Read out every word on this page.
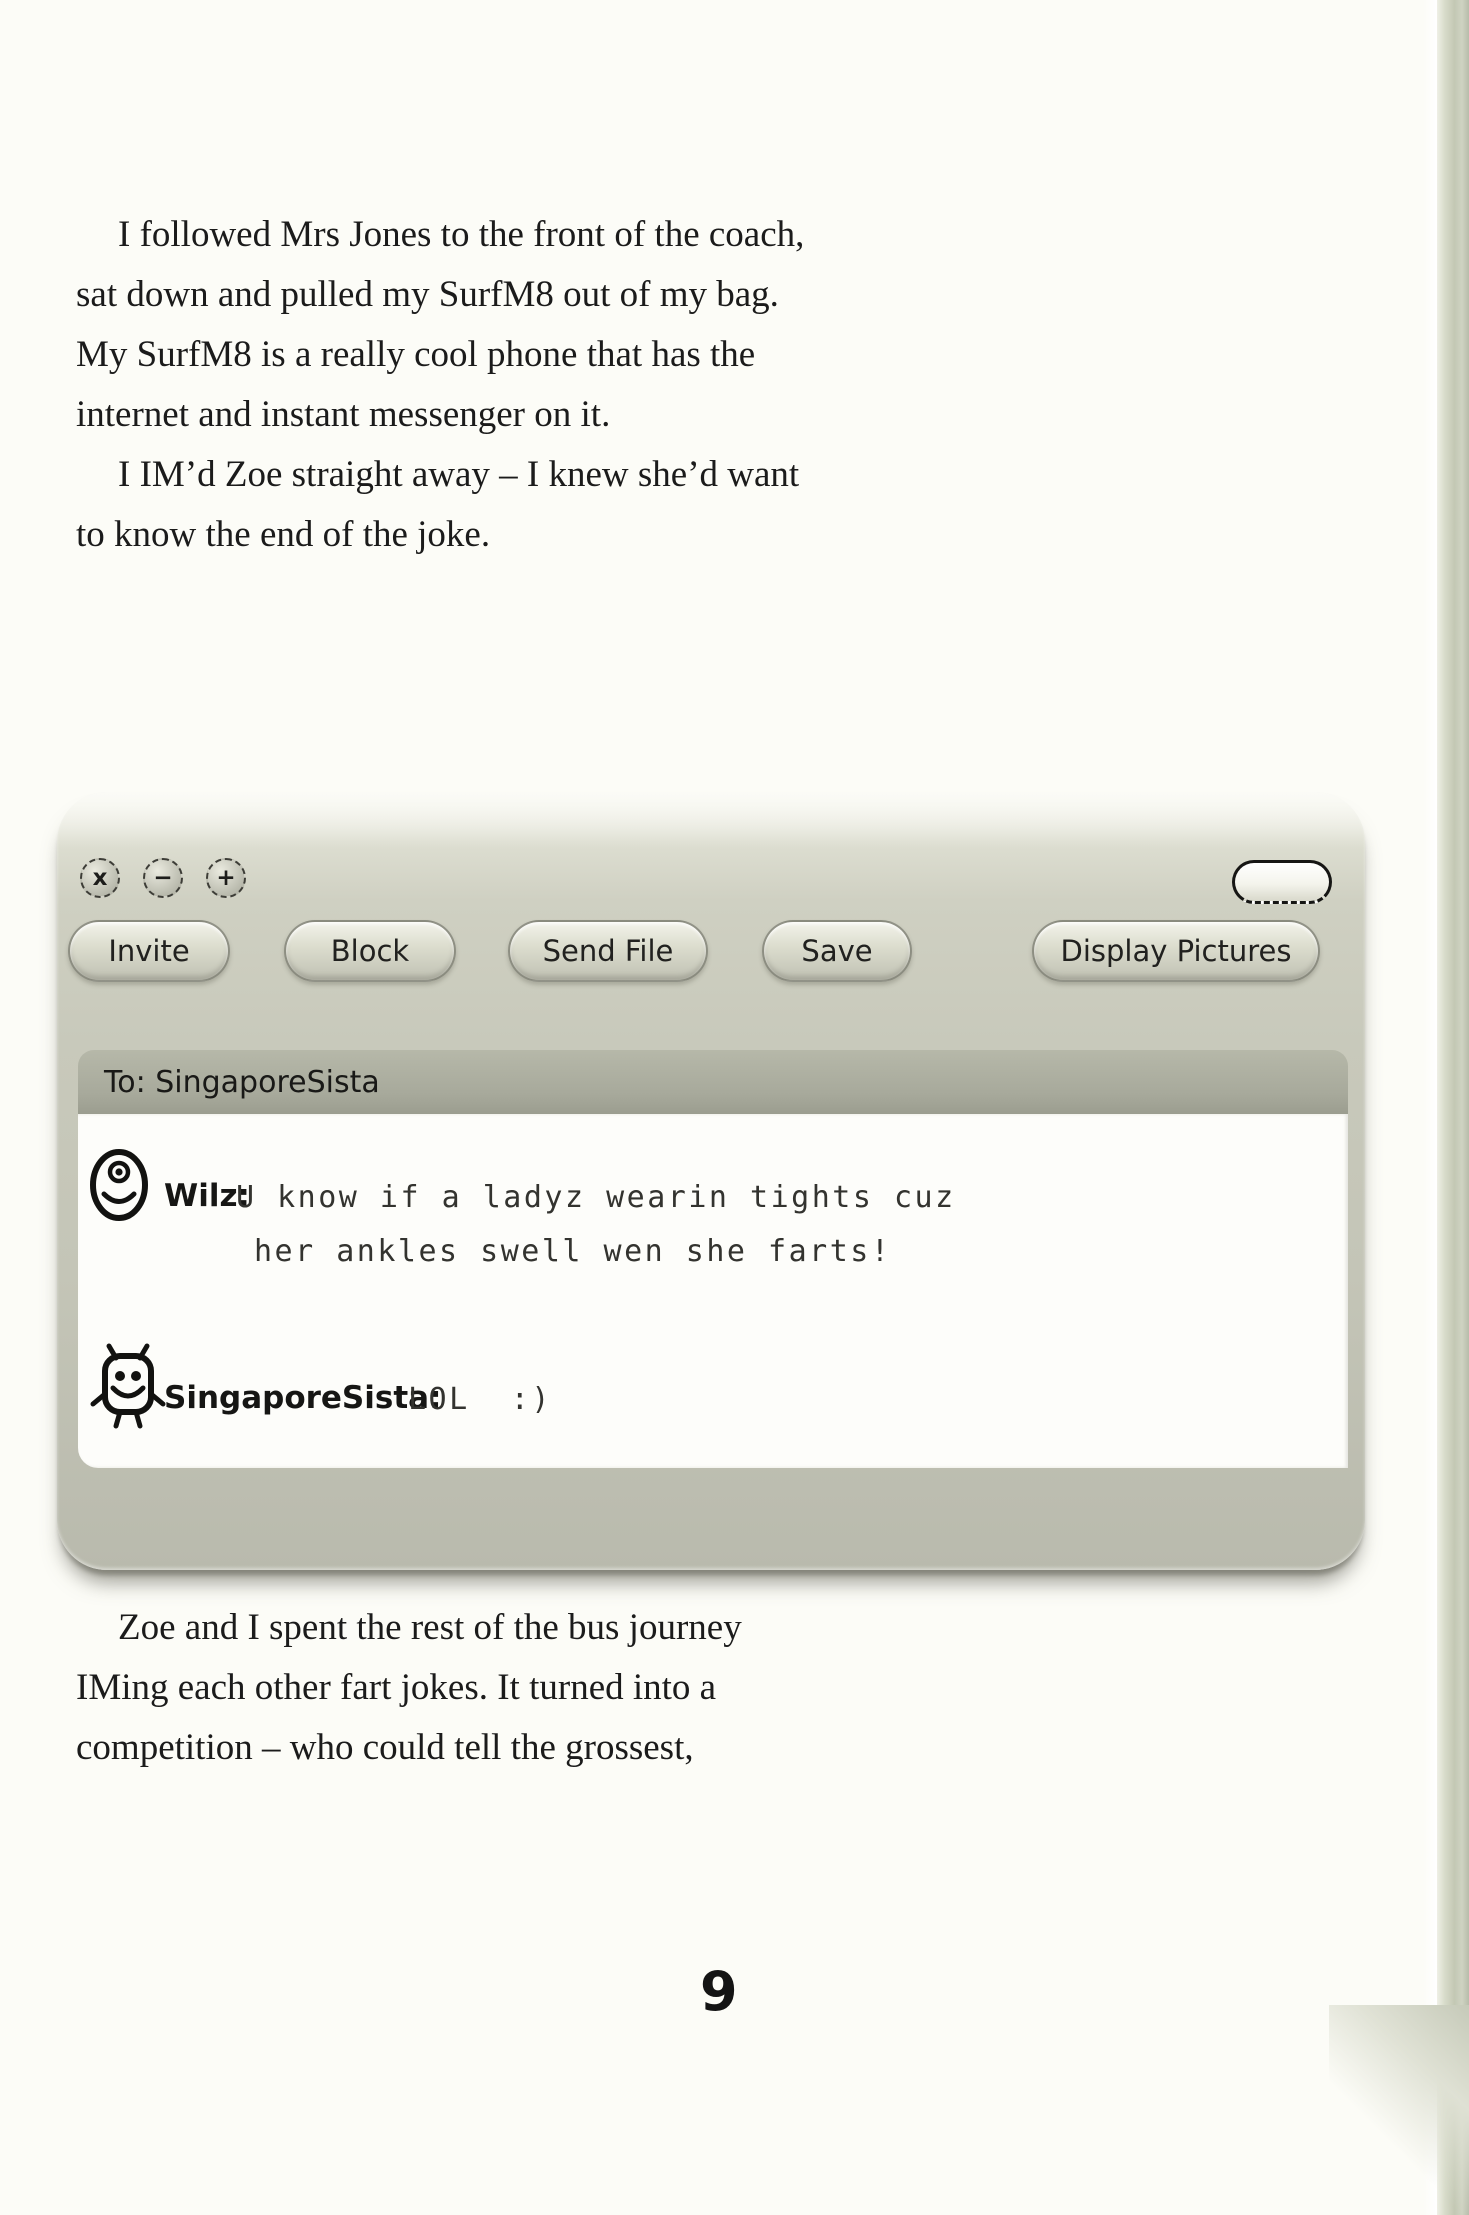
I followed Mrs Jones to the front of the coach,
sat down and pulled my SurfM8 out of my bag.
My SurfM8 is a really cool phone that has the
internet and instant messenger on it.
I IM’d Zoe straight away – I knew she’d want
to know the end of the joke.
x − +
Invite	Block	Send File	Save	Display Pictures
To: SingaporeSista
Wilz:
U know if a ladyz wearin tights cuz
her ankles swell wen she farts!
SingaporeSista:
LOL  :)
Zoe and I spent the rest of the bus journey
IMing each other fart jokes. It turned into a
competition – who could tell the grossest,
9
